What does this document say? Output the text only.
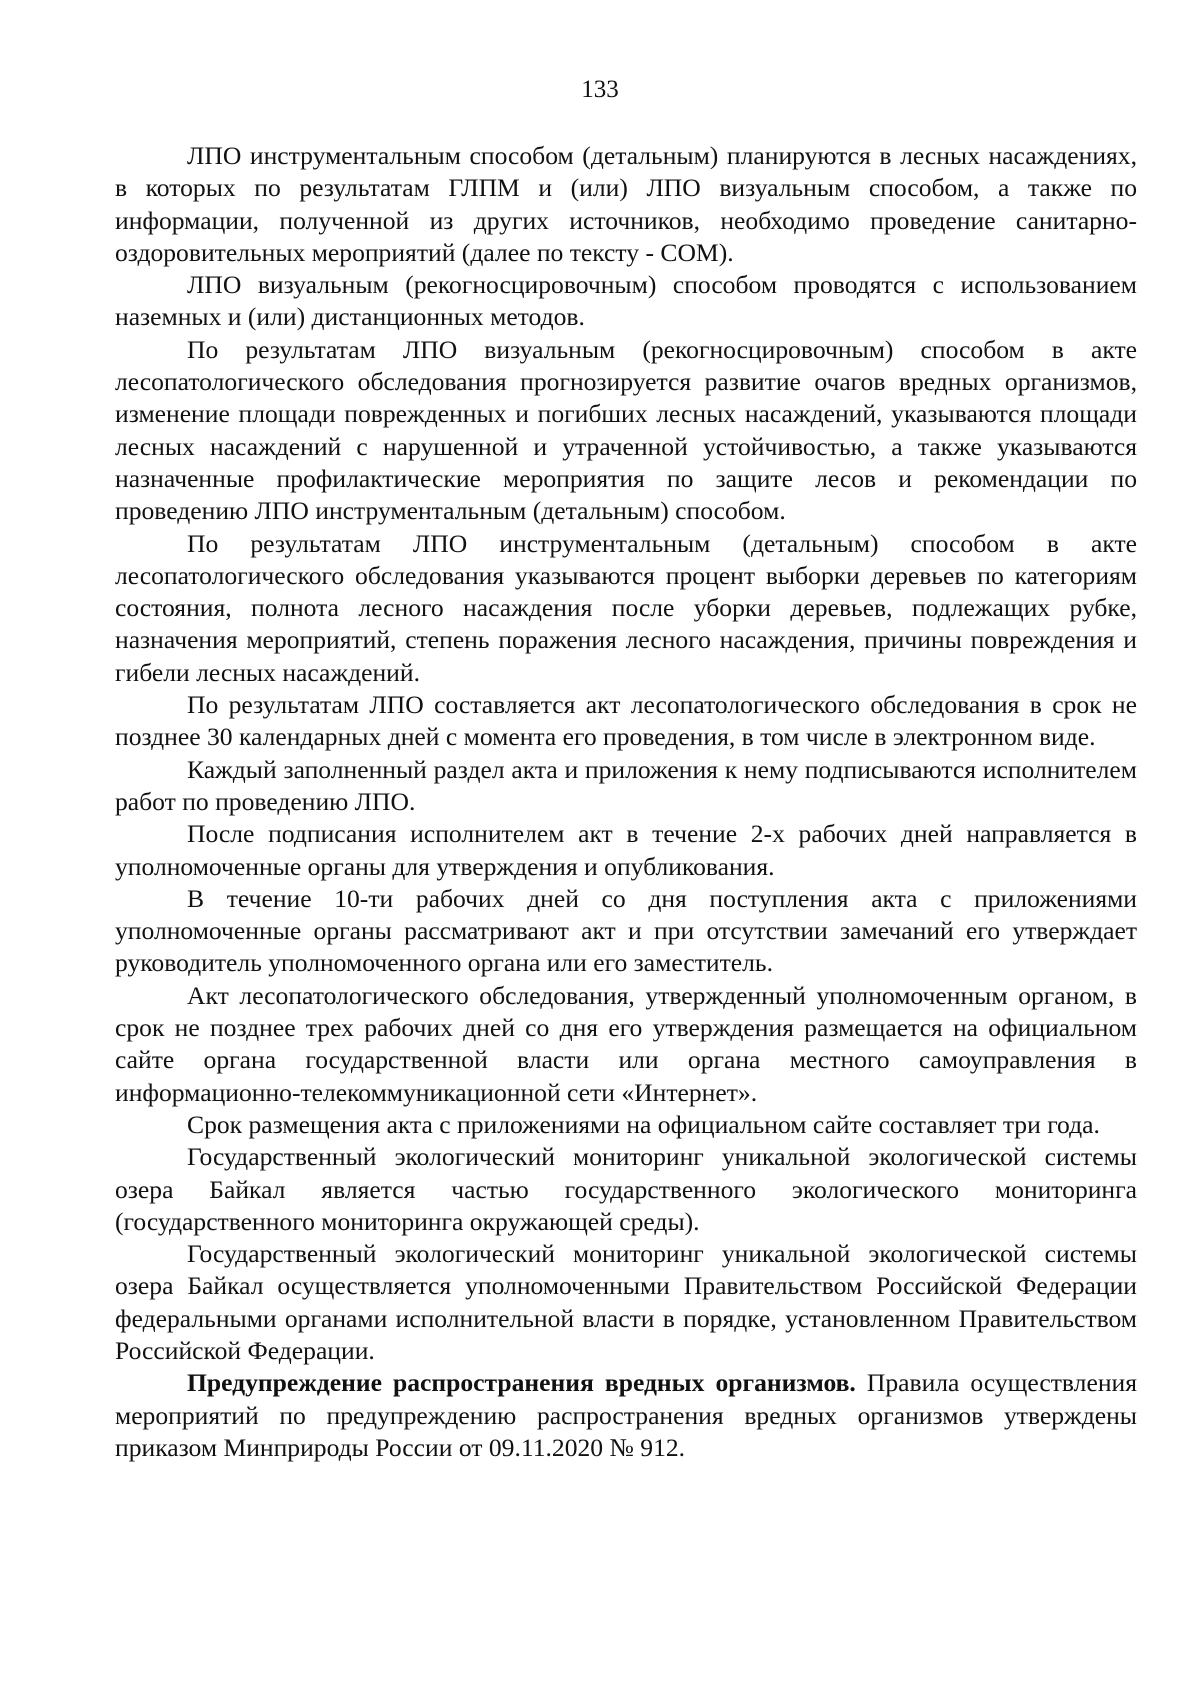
133

ЛПО инструментальным способом (детальным) планируются в лесных насаждениях, в которых по результатам ГЛПМ и (или) ЛПО визуальным способом, а также по информации, полученной из других источников, необходимо проведение санитарно-оздоровительных мероприятий (далее по тексту - СОМ).

ЛПО визуальным (рекогносцировочным) способом проводятся с использованием наземных и (или) дистанционных методов.

По результатам ЛПО визуальным (рекогносцировочным) способом в акте лесопатологического обследования прогнозируется развитие очагов вредных организмов, изменение площади поврежденных и погибших лесных насаждений, указываются площади лесных насаждений с нарушенной и утраченной устойчивостью, а также указываются назначенные профилактические мероприятия по защите лесов и рекомендации по проведению ЛПО инструментальным (детальным) способом.

По результатам ЛПО инструментальным (детальным) способом в акте лесопатологического обследования указываются процент выборки деревьев по категориям состояния, полнота лесного насаждения после уборки деревьев, подлежащих рубке, назначения мероприятий, степень поражения лесного насаждения, причины повреждения и гибели лесных насаждений.

По результатам ЛПО составляется акт лесопатологического обследования в срок не позднее 30 календарных дней с момента его проведения, в том числе в электронном виде.

Каждый заполненный раздел акта и приложения к нему подписываются исполнителем работ по проведению ЛПО.

После подписания исполнителем акт в течение 2-х рабочих дней направляется в уполномоченные органы для утверждения и опубликования.

В течение 10-ти рабочих дней со дня поступления акта с приложениями уполномоченные органы рассматривают акт и при отсутствии замечаний его утверждает руководитель уполномоченного органа или его заместитель.

Акт лесопатологического обследования, утвержденный уполномоченным органом, в срок не позднее трех рабочих дней со дня его утверждения размещается на официальном сайте органа государственной власти или органа местного самоуправления в информационно-телекоммуникационной сети «Интернет».

Срок размещения акта с приложениями на официальном сайте составляет три года.

Государственный экологический мониторинг уникальной экологической системы озера Байкал является частью государственного экологического мониторинга (государственного мониторинга окружающей среды).

Государственный экологический мониторинг уникальной экологической системы озера Байкал осуществляется уполномоченными Правительством Российской Федерации федеральными органами исполнительной власти в порядке, установленном Правительством Российской Федерации.

Предупреждение распространения вредных организмов. Правила осуществления мероприятий по предупреждению распространения вредных организмов утверждены приказом Минприроды России от 09.11.2020 № 912.
